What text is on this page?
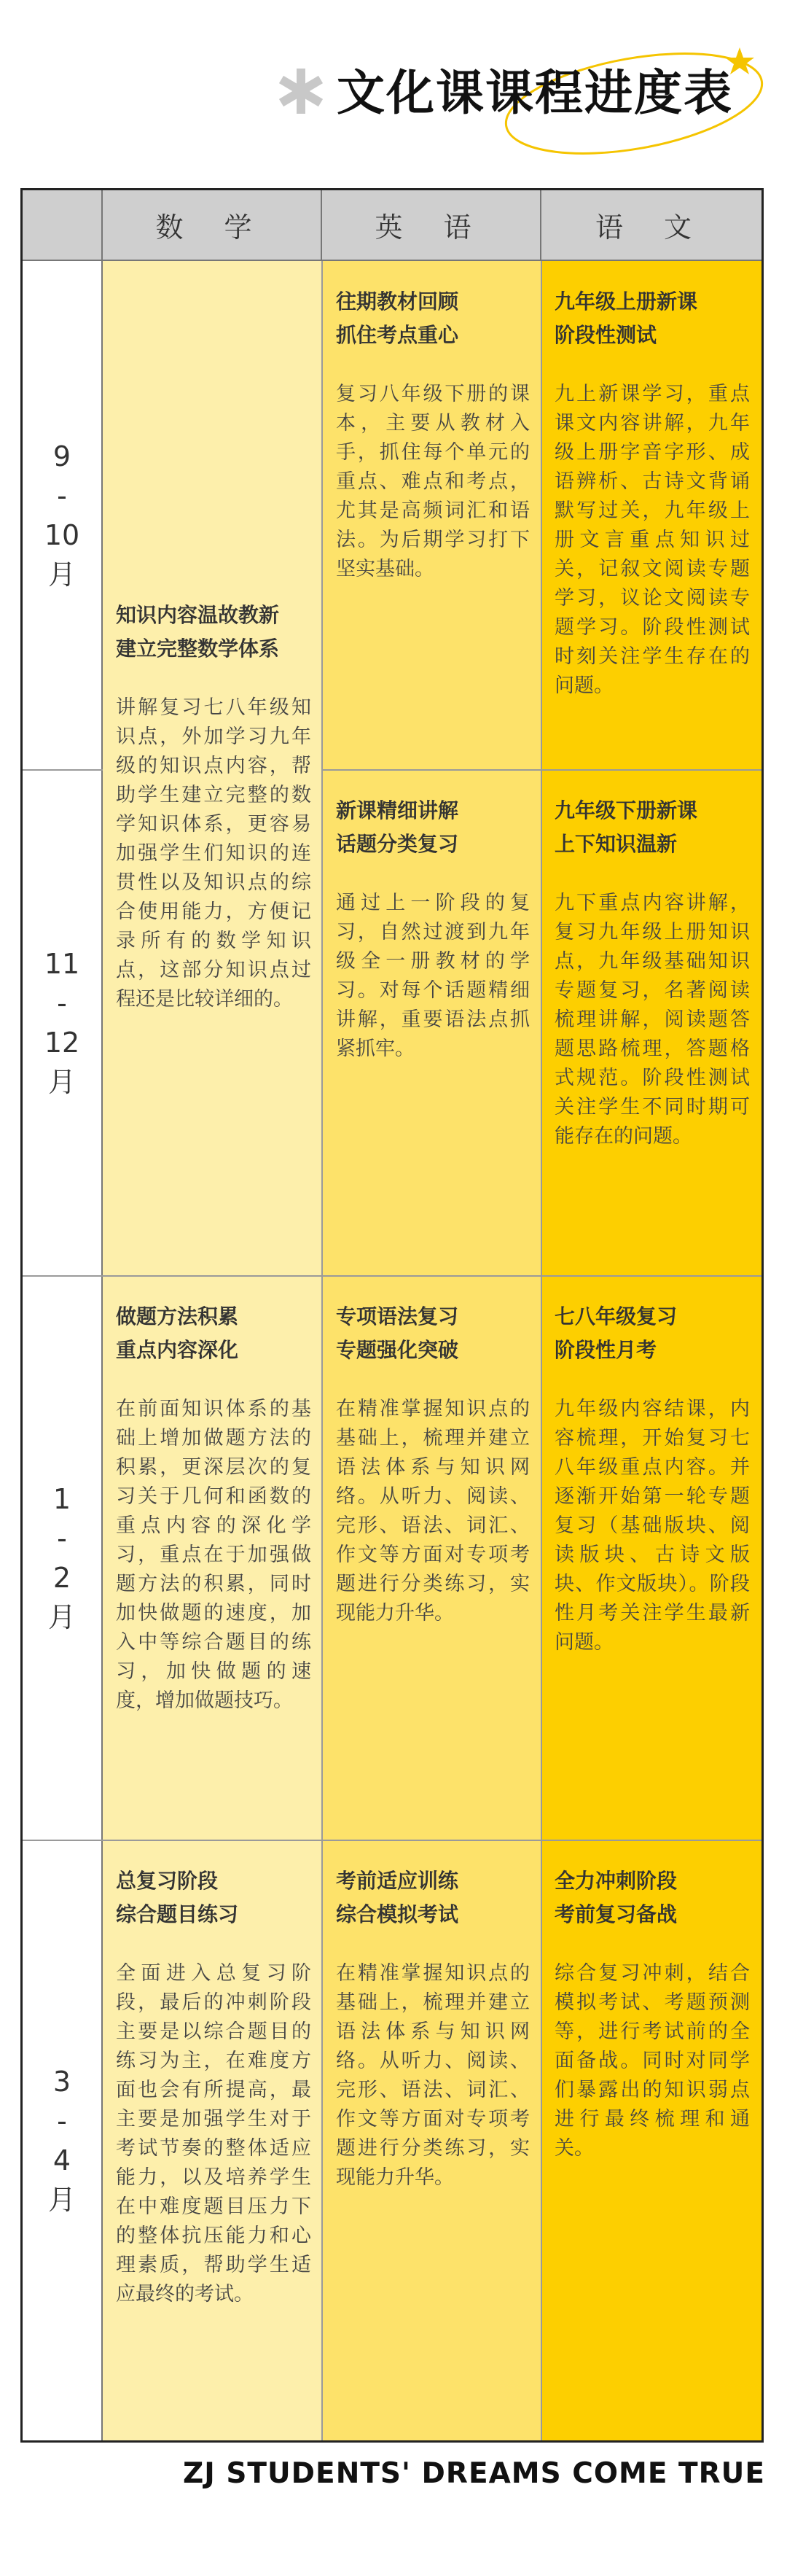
文化课课程进度表
数 学	英 语	语 文
9
-
10
月
11
-
12
月
1
-
2
月
3
-
4
月
知识内容温故教新
建立完整数学体系
讲解复习七八年级知识点，外加学习九年级的知识点内容，帮助学生建立完整的数学知识体系，更容易加强学生们知识的连贯性以及知识点的综合使用能力，方便记录所有的数学知识点，这部分知识点过程还是比较详细的。
做题方法积累
重点内容深化
在前面知识体系的基础上增加做题方法的积累，更深层次的复习关于几何和函数的重点内容的深化学习，重点在于加强做题方法的积累，同时加快做题的速度，加入中等综合题目的练习，加快做题的速度，增加做题技巧。
总复习阶段
综合题目练习
全面进入总复习阶段，最后的冲刺阶段主要是以综合题目的练习为主，在难度方面也会有所提高，最主要是加强学生对于考试节奏的整体适应能力，以及培养学生在中难度题目压力下的整体抗压能力和心理素质，帮助学生适应最终的考试。
往期教材回顾
抓住考点重心
复习八年级下册的课本，主要从教材入手，抓住每个单元的重点、难点和考点，尤其是高频词汇和语法。为后期学习打下坚实基础。
新课精细讲解
话题分类复习
通过上一阶段的复习，自然过渡到九年级全一册教材的学习。对每个话题精细讲解，重要语法点抓紧抓牢。
专项语法复习
专题强化突破
在精准掌握知识点的基础上，梳理并建立语法体系与知识网络。从听力、阅读、完形、语法、词汇、作文等方面对专项考题进行分类练习，实现能力升华。
考前适应训练
综合模拟考试
在精准掌握知识点的基础上，梳理并建立语法体系与知识网络。从听力、阅读、完形、语法、词汇、作文等方面对专项考题进行分类练习，实现能力升华。
九年级上册新课
阶段性测试
九上新课学习，重点课文内容讲解，九年级上册字音字形、成语辨析、古诗文背诵默写过关，九年级上册文言重点知识过关，记叙文阅读专题学习，议论文阅读专题学习。阶段性测试时刻关注学生存在的问题。
九年级下册新课
上下知识温新
九下重点内容讲解，复习九年级上册知识点，九年级基础知识专题复习，名著阅读梳理讲解，阅读题答题思路梳理，答题格式规范。阶段性测试关注学生不同时期可能存在的问题。
七八年级复习
阶段性月考
九年级内容结课，内容梳理，开始复习七八年级重点内容。并逐渐开始第一轮专题复习（基础版块、阅读版块、古诗文版块、作文版块）。阶段性月考关注学生最新问题。
全力冲刺阶段
考前复习备战
综合复习冲刺，结合模拟考试、考题预测等，进行考试前的全面备战。同时对同学们暴露出的知识弱点进行最终梳理和通关。
ZJ STUDENTS' DREAMS COME TRUE
